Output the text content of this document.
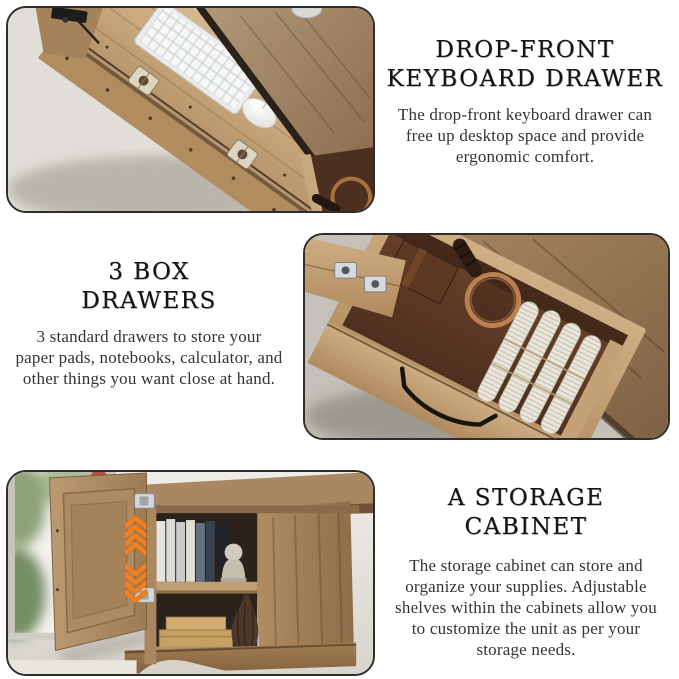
DROP-FRONT
KEYBOARD DRAWER

The drop-front keyboard drawer can free up desktop space and provide ergonomic comfort.

3 BOX
DRAWERS

3 standard drawers to store your paper pads, notebooks, calculator, and other things you want close at hand.

A STORAGE
CABINET

The storage cabinet can store and organize your supplies. Adjustable shelves within the cabinets allow you to customize the unit as per your storage needs.
